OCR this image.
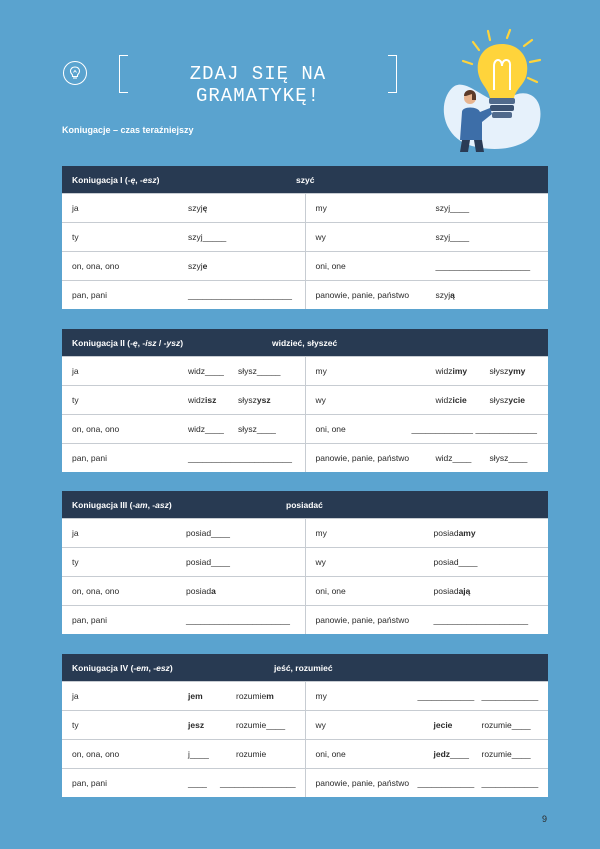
ZDAJ SIĘ NA GRAMATYKĘ!
Koniugacje – czas teraźniejszy
Koniugacja I (-ę, -esz)	szyć
ja	szyj ę	my	szyj____
ty	szyj_____	wy	szyj____
on, ona, ono	szyj e	oni, one	____________________
pan, pani	______________________	panowie, panie, państwo	szyj ą
Koniugacja II (-ę, -isz / -ysz)	widzieć, słyszeć
ja	widz____ słysz_____	my	widz imy	słysz ymy
ty	widz isz	słysz ysz	wy	widz icie	słysz ycie
on, ona, ono	widz____ słysz____	oni, one	_____________ _____________
pan, pani	______________________	panowie, panie, państwo	widz____ słysz____
Koniugacja III (-am, -asz)	posiadać
ja	posiad____	my	posiad amy
ty	posiad____	wy	posiad____
on, ona, ono	posiad a	oni, one	posiad ają
pan, pani	______________________	panowie, panie, państwo	____________________
Koniugacja IV (-em, -esz)	jeść, rozumieć
ja	jem	rozumie m	my	____________ ____________
ty	jesz	rozumie____	wy	jecie	rozumie____
on, ona, ono	j____	rozumie	oni, one	jedz ____ rozumie____
pan, pani	____ ________________ panowie, panie, państwo ____________ ____________
9
